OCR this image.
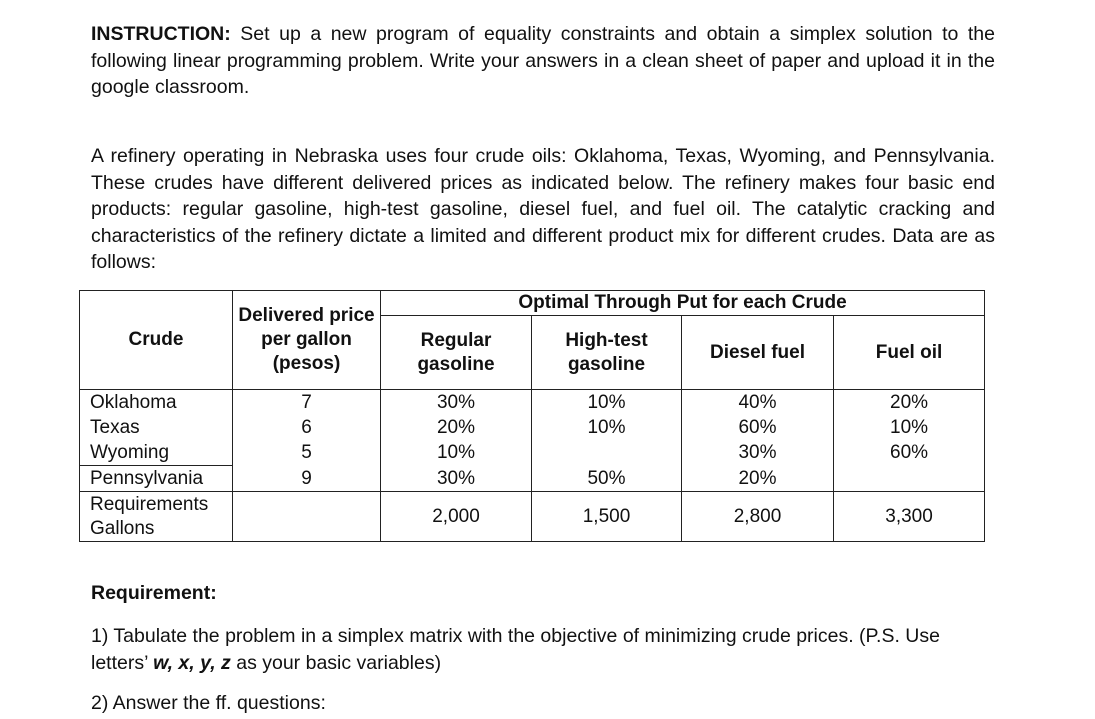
INSTRUCTION: Set up a new program of equality constraints and obtain a simplex solution to the following linear programming problem. Write your answers in a clean sheet of paper and upload it in the google classroom.

A refinery operating in Nebraska uses four crude oils: Oklahoma, Texas, Wyoming, and Pennsylvania. These crudes have different delivered prices as indicated below. The refinery makes four basic end products: regular gasoline, high-test gasoline, diesel fuel, and fuel oil. The catalytic cracking and characteristics of the refinery dictate a limited and different product mix for different crudes. Data are as follows:

Crude	Delivered price per gallon (pesos)	Optimal Through Put for each Crude			
		Regular gasoline	High-test gasoline	Diesel fuel	Fuel oil
Oklahoma	7	30%	10%	40%	20%
Texas	6	20%	10%	60%	10%
Wyoming	5	10%		30%	60%
Pennsylvania	9	30%	50%	20%	
Requirements Gallons		2,000	1,500	2,800	3,300

Requirement:

1) Tabulate the problem in a simplex matrix with the objective of minimizing crude prices. (P.S. Use letters’ w, x, y, z as your basic variables)

2) Answer the ff. questions:
